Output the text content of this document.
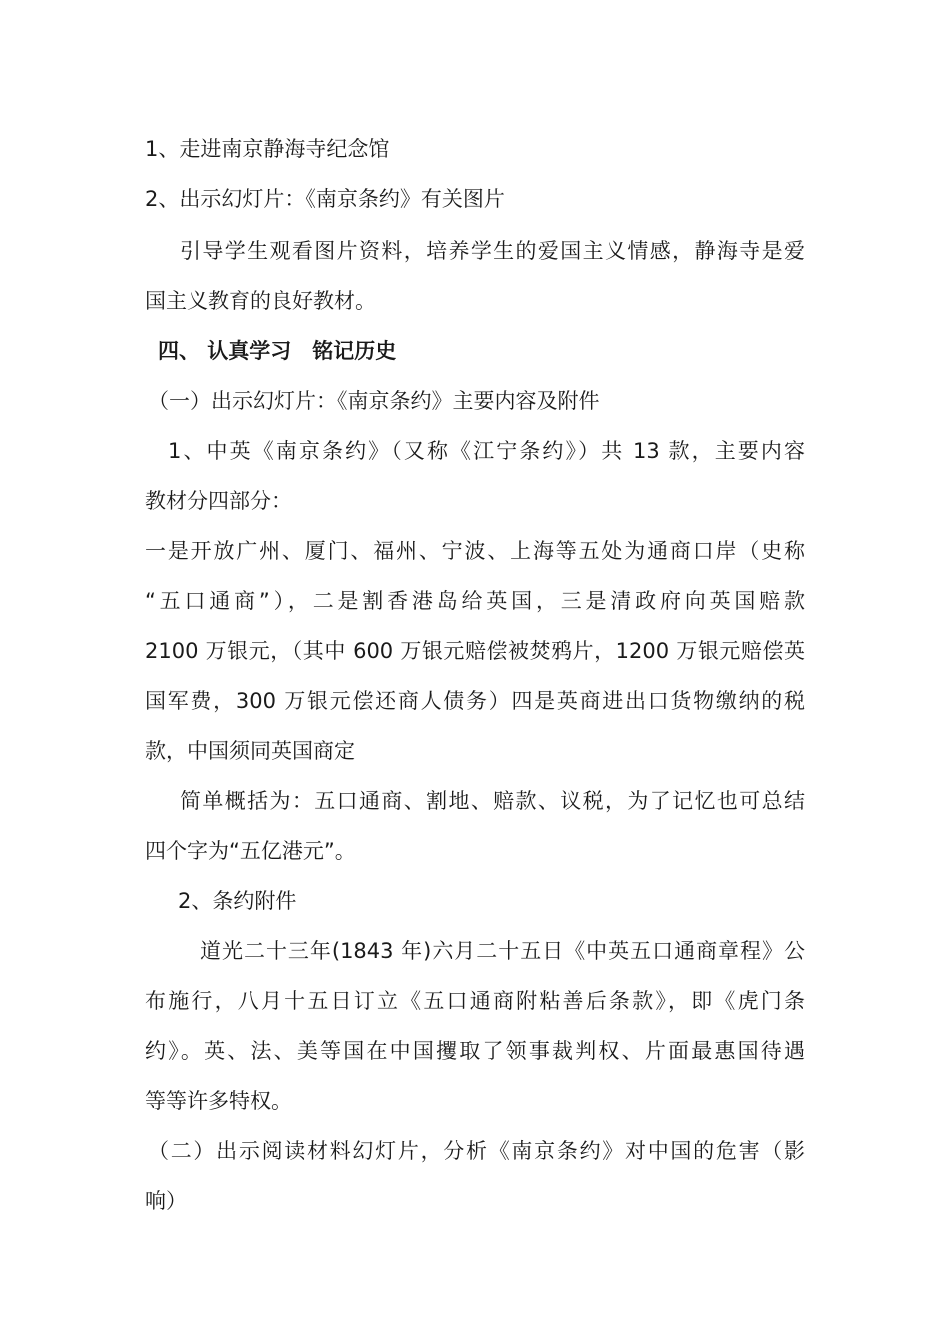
1、走进南京静海寺纪念馆
2、出示幻灯片：《南京条约》有关图片
引导学生观看图片资料，培养学生的爱国主义情感，静海寺是爱
国主义教育的良好教材。
四、 认真学习　铭记历史
（一）出示幻灯片：《南京条约》主要内容及附件
1、中英《南京条约》（又称《江宁条约》）共 13 款，主要内容
教材分四部分：
一是开放广州、厦门、福州、宁波、上海等五处为通商口岸（史称
“五口通商”），二是割香港岛给英国，三是清政府向英国赔款
2100 万银元，（其中 600 万银元赔偿被焚鸦片，1200 万银元赔偿英
国军费，300 万银元偿还商人债务）四是英商进出口货物缴纳的税
款，中国须同英国商定
简单概括为：五口通商、割地、赔款、议税，为了记忆也可总结
四个字为“五亿港元”。
2、条约附件
道光二十三年(1843 年)六月二十五日《中英五口通商章程》公
布施行，八月十五日订立《五口通商附粘善后条款》，即《虎门条
约》。英、法、美等国在中国攫取了领事裁判权、片面最惠国待遇
等等许多特权。
（二）出示阅读材料幻灯片，分析《南京条约》对中国的危害（影
响）
